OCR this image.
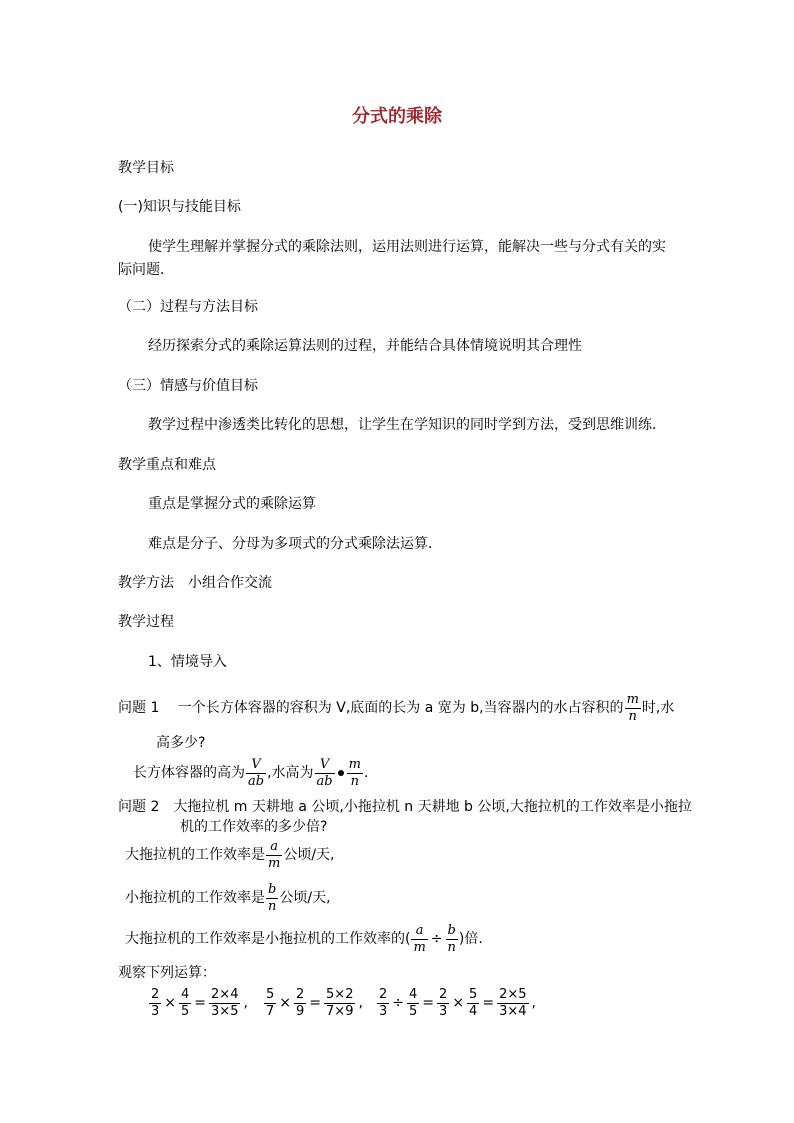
分式的乘除
教学目标
(一)知识与技能目标
使学生理解并掌握分式的乘除法则，运用法则进行运算，能解决一些与分式有关的实
际问题．
（二）过程与方法目标
经历探索分式的乘除运算法则的过程，并能结合具体情境说明其合理性
（三）情感与价值目标
教学过程中渗透类比转化的思想，让学生在学知识的同时学到方法，受到思维训练．
教学重点和难点
重点是掌握分式的乘除运算
难点是分子、分母为多项式的分式乘除法运算．
教学方法　小组合作交流
教学过程
1、情境导入
问题 1　 一个长方体容器的容积为 V,底面的长为 a 宽为 b,当容器内的水占容积的 $\frac{m}{n}$ 时,水
高多少?
长方体容器的高为 $\frac{V}{ab}$ ,水高为 $\frac{V}{ab} \frac{m}{n}$ .
问题 2　大拖拉机 m 天耕地 a 公顷,小拖拉机 n 天耕地 b 公顷,大拖拉机的工作效率是小拖拉
机的工作效率的多少倍?
大拖拉机的工作效率是 $\frac{a}{m}$ 公顷/天,
小拖拉机的工作效率是 $\frac{b}{n}$ 公顷/天,
大拖拉机的工作效率是小拖拉机的工作效率的( $\frac{a}{m} \div \frac{b}{n}$ )倍.
观察下列运算：
$\frac{2}{3} \times \frac{4}{5} = \frac{2\times 4}{3\times 5}$ , $\frac{5}{7} \times \frac{2}{9} = \frac{5\times 2}{7\times 9}$ , $\frac{2}{3} \div \frac{4}{5} = \frac{2}{3} \times \frac{5}{4} = \frac{2\times 5}{3\times 4}$ ,
